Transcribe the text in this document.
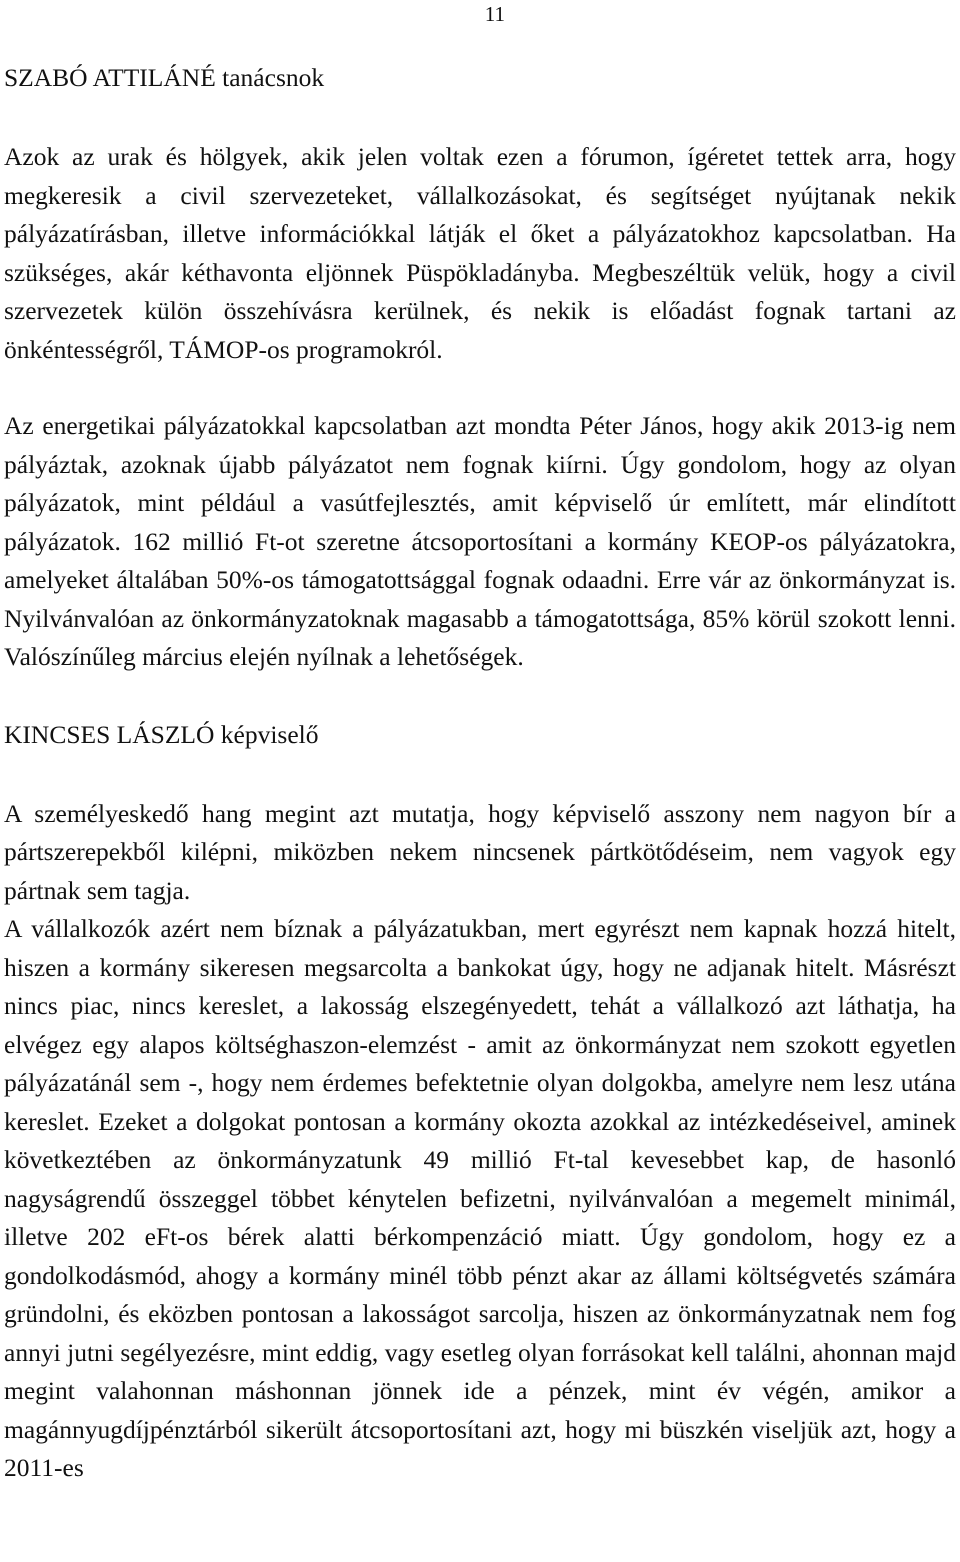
11

SZABÓ ATTILÁNÉ tanácsnok

Azok az urak és hölgyek, akik jelen voltak ezen a fórumon, ígéretet tettek arra, hogy megkeresik a civil szervezeteket, vállalkozásokat, és segítséget nyújtanak nekik pályázatírásban, illetve információkkal látják el őket a pályázatokhoz kapcsolatban. Ha szükséges, akár kéthavonta eljönnek Püspökladányba. Megbeszéltük velük, hogy a civil szervezetek külön összehívásra kerülnek, és nekik is előadást fognak tartani az önkéntességről, TÁMOP-os programokról.

Az energetikai pályázatokkal kapcsolatban azt mondta Péter János, hogy akik 2013-ig nem pályáztak, azoknak újabb pályázatot nem fognak kiírni. Úgy gondolom, hogy az olyan pályázatok, mint például a vasútfejlesztés, amit képviselő úr említett, már elindított pályázatok. 162 millió Ft-ot szeretne átcsoportosítani a kormány KEOP-os pályázatokra, amelyeket általában 50%-os támogatottsággal fognak odaadni. Erre vár az önkormányzat is. Nyilvánvalóan az önkormányzatoknak magasabb a támogatottsága, 85% körül szokott lenni. Valószínűleg március elején nyílnak a lehetőségek.

KINCSES LÁSZLÓ képviselő

A személyeskedő hang megint azt mutatja, hogy képviselő asszony nem nagyon bír a pártszerepekből kilépni, miközben nekem nincsenek pártkötődéseim, nem vagyok egy pártnak sem tagja.

A vállalkozók azért nem bíznak a pályázatukban, mert egyrészt nem kapnak hozzá hitelt, hiszen a kormány sikeresen megsarcolta a bankokat úgy, hogy ne adjanak hitelt. Másrészt nincs piac, nincs kereslet, a lakosság elszegényedett, tehát a vállalkozó azt láthatja, ha elvégez egy alapos költséghaszon-elemzést - amit az önkormányzat nem szokott egyetlen pályázatánál sem -, hogy nem érdemes befektetnie olyan dolgokba, amelyre nem lesz utána kereslet. Ezeket a dolgokat pontosan a kormány okozta azokkal az intézkedéseivel, aminek következtében az önkormányzatunk 49 millió Ft-tal kevesebbet kap, de hasonló nagyságrendű összeggel többet kénytelen befizetni, nyilvánvalóan a megemelt minimál, illetve 202 eFt-os bérek alatti bérkompenzáció miatt. Úgy gondolom, hogy ez a gondolkodásmód, ahogy a kormány minél több pénzt akar az állami költségvetés számára gründolni, és eközben pontosan a lakosságot sarcolja, hiszen az önkormányzatnak nem fog annyi jutni segélyezésre, mint eddig, vagy esetleg olyan forrásokat kell találni, ahonnan majd megint valahonnan máshonnan jönnek ide a pénzek, mint év végén, amikor a magánnyugdíjpénztárból sikerült átcsoportosítani azt, hogy mi büszkén viseljük azt, hogy a 2011-es
